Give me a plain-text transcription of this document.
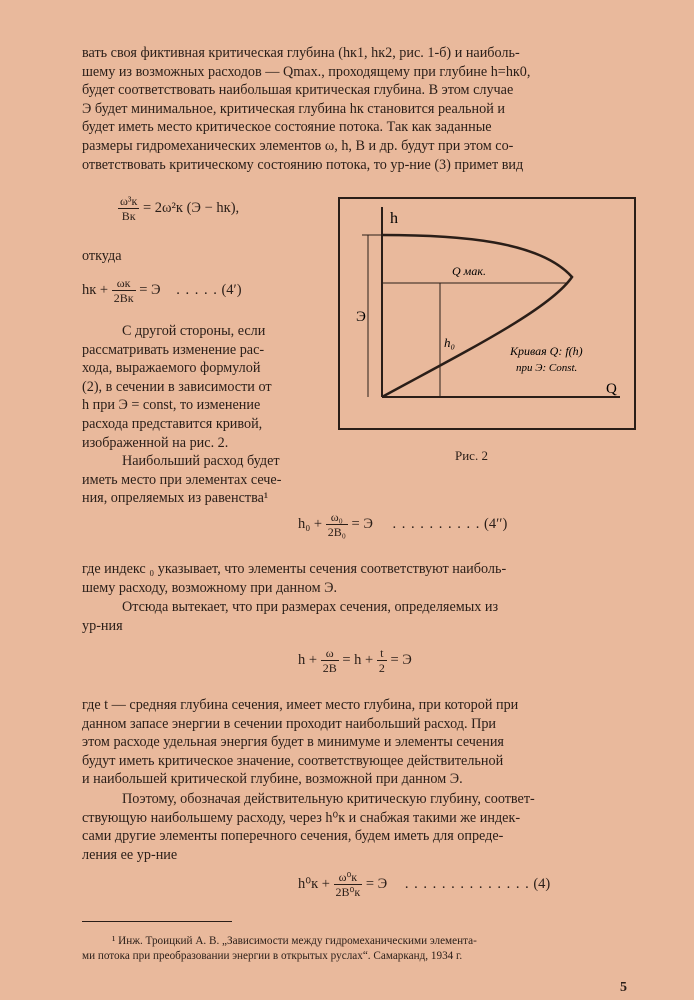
вать своя фиктивная критическая глубина (hк1, hк2, рис. 1-б) и наиболь-
шему из возможных расходов — Qmax., проходящему при глубине h=hк0,
будет соответствовать наибольшая критическая глубина. В этом случае
Э будет минимальное, критическая глубина hк становится реальной и
будет иметь место критическое состояние потока. Так как заданные
размеры гидромеханических элементов ω, h, B и др. будут при этом со-
ответствовать критическому состоянию потока, то ур-ние (3) примет вид
$\frac{\text{ω³к}}{Bк} = 2\omega^2к$ (Э − hк),
откуда
hк + $\frac{\omega к}{2Bк} = Э$ . . . . . (4′)
С другой стороны, если
рассматривать изменение рас-
хода, выражаемого формулой
(2), в сечении в зависимости от
h при Э = const, то изменение
расхода представится кривой,
изображенной на рис. 2.
Наибольший расход будет
иметь место при элементах сече-
ния, опреляемых из равенства¹
h
Q
Э
Q мак.
h₀
Кривая Q: f(h)
при Э: Const.
Рис. 2
$h_0 + \frac{\text{ω₀}}{\text{2B₀}} = Э$ . . . . . . . . . . (4′′)
где индекс ₀ указывает, что элементы сечения соответствуют наиболь-
шему расходу, возможному при данном Э.
Отсюда вытекает, что при размерах сечения, определяемых из
ур-ния
$h + \frac{\omega}{2B} = h + \frac{t}{2} = Э$
где t — средняя глубина сечения, имеет место глубина, при которой при
данном запасе энергии в сечении проходит наибольший расход. При
этом расходе удельная энергия будет в минимуме и элементы сечения
будут иметь критическое значение, соответствующее действительной
и наибольшей критической глубине, возможной при данном Э.
Поэтому, обозначая действительную критическую глубину, соответ-
ствующую наибольшему расходу, через h⁰к и снабжая такими же индек-
сами другие элементы поперечного сечения, будем иметь для опреде-
ления ее ур-ние
$h^0к + \frac{\text{ω⁰к}}{\text{2B⁰к}} = Э$ . . . . . . . . . . . . . . (4)
¹ Инж. Троицкий А. В. „Зависимости между гидромеханическими элемента-
ми потока при преобразовании энергии в открытых руслах“. Самарканд, 1934 г.
5
